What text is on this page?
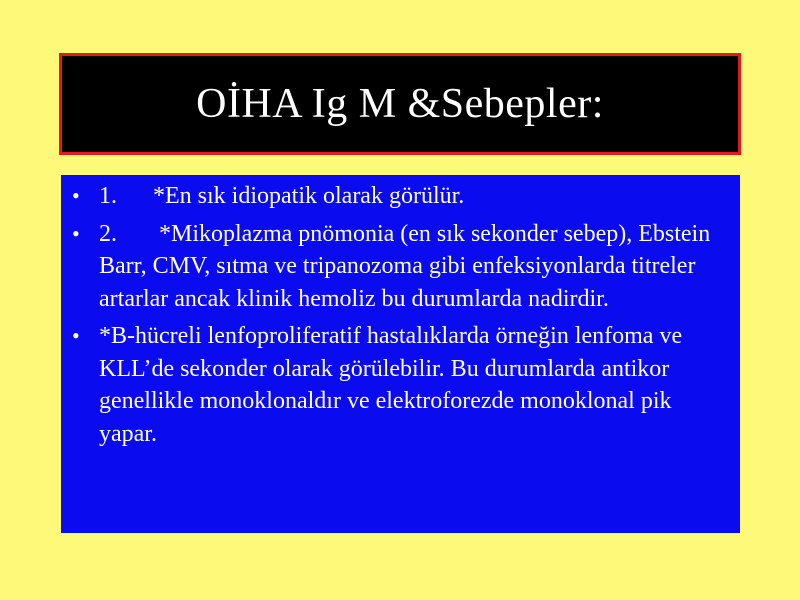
OİHA Ig M &Sebepler:
• 1.      *En sık idiopatik olarak görülür.
• 2.       *Mikoplazma pnömonia (en sık sekonder sebep), Ebstein Barr, CMV, sıtma ve tripanozoma gibi enfeksiyonlarda titreler artarlar ancak klinik hemoliz bu durumlarda nadirdir.
• *B-hücreli lenfoproliferatif hastalıklarda örneğin lenfoma ve KLL’de sekonder olarak görülebilir. Bu durumlarda antikor genellikle monoklonaldır ve elektroforezde monoklonal pik yapar.
